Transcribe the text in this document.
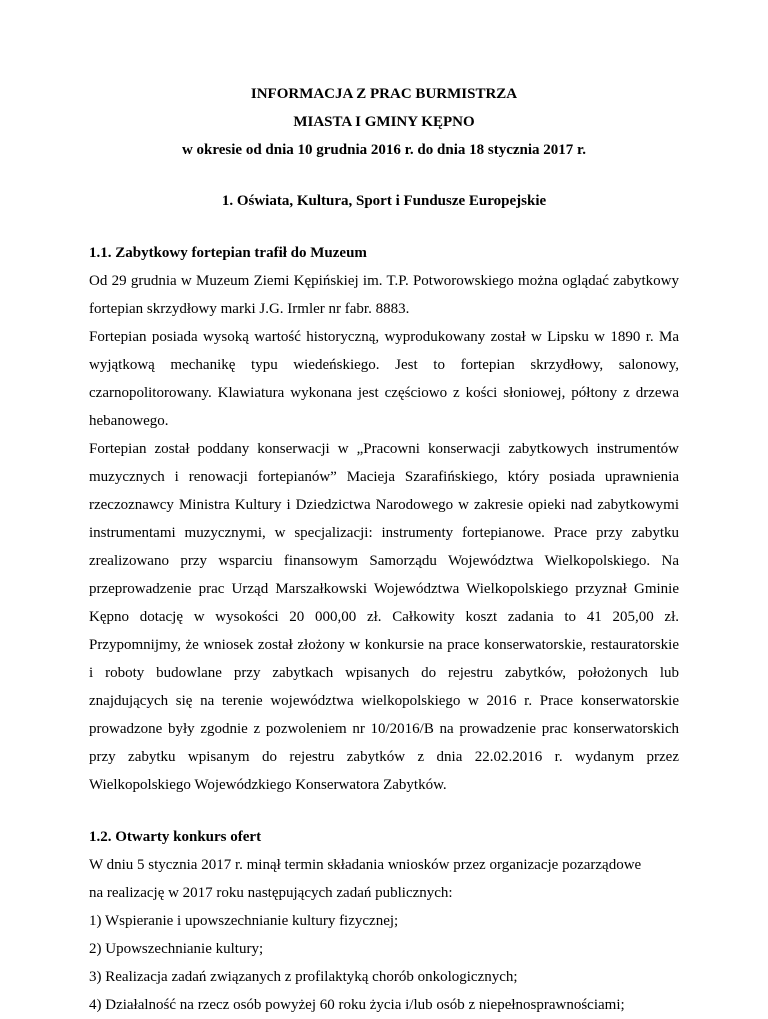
INFORMACJA Z PRAC BURMISTRZA

MIASTA I GMINY KĘPNO

w okresie od dnia 10 grudnia 2016 r. do dnia 18 stycznia 2017 r.

1. Oświata, Kultura, Sport i Fundusze Europejskie

1.1. Zabytkowy fortepian trafił do Muzeum

Od 29 grudnia w Muzeum Ziemi Kępińskiej im. T.P. Potworowskiego można oglądać zabytkowy fortepian skrzydłowy marki J.G. Irmler nr fabr. 8883.

Fortepian posiada wysoką wartość historyczną, wyprodukowany został w Lipsku w 1890 r. Ma wyjątkową mechanikę typu wiedeńskiego. Jest to fortepian skrzydłowy, salonowy, czarnopolitorowany. Klawiatura wykonana jest częściowo z kości słoniowej, półtony z drzewa hebanowego.

Fortepian został poddany konserwacji w „Pracowni konserwacji zabytkowych instrumentów muzycznych i renowacji fortepianów” Macieja Szarafińskiego, który posiada uprawnienia rzeczoznawcy Ministra Kultury i Dziedzictwa Narodowego w zakresie opieki nad zabytkowymi instrumentami muzycznymi, w specjalizacji: instrumenty fortepianowe. Prace przy zabytku zrealizowano przy wsparciu finansowym Samorządu Województwa Wielkopolskiego. Na przeprowadzenie prac Urząd Marszałkowski Województwa Wielkopolskiego przyznał Gminie Kępno dotację w wysokości 20 000,00 zł. Całkowity koszt zadania to 41 205,00 zł. Przypomnijmy, że wniosek został złożony w konkursie na prace konserwatorskie, restauratorskie i roboty budowlane przy zabytkach wpisanych do rejestru zabytków, położonych lub znajdujących się na terenie województwa wielkopolskiego w 2016 r. Prace konserwatorskie prowadzone były zgodnie z pozwoleniem nr 10/2016/B na prowadzenie prac konserwatorskich przy zabytku wpisanym do rejestru zabytków z dnia 22.02.2016 r. wydanym przez Wielkopolskiego Wojewódzkiego Konserwatora Zabytków.

1.2. Otwarty konkurs ofert

W dniu 5 stycznia 2017 r. minął termin składania wniosków przez organizacje pozarządowe

na realizację w 2017 roku następujących zadań publicznych:

1) Wspieranie i upowszechnianie kultury fizycznej;

2) Upowszechnianie kultury;

3) Realizacja zadań związanych z profilaktyką chorób onkologicznych;

4) Działalność na rzecz osób powyżej 60 roku życia i/lub osób z niepełnosprawnościami;
